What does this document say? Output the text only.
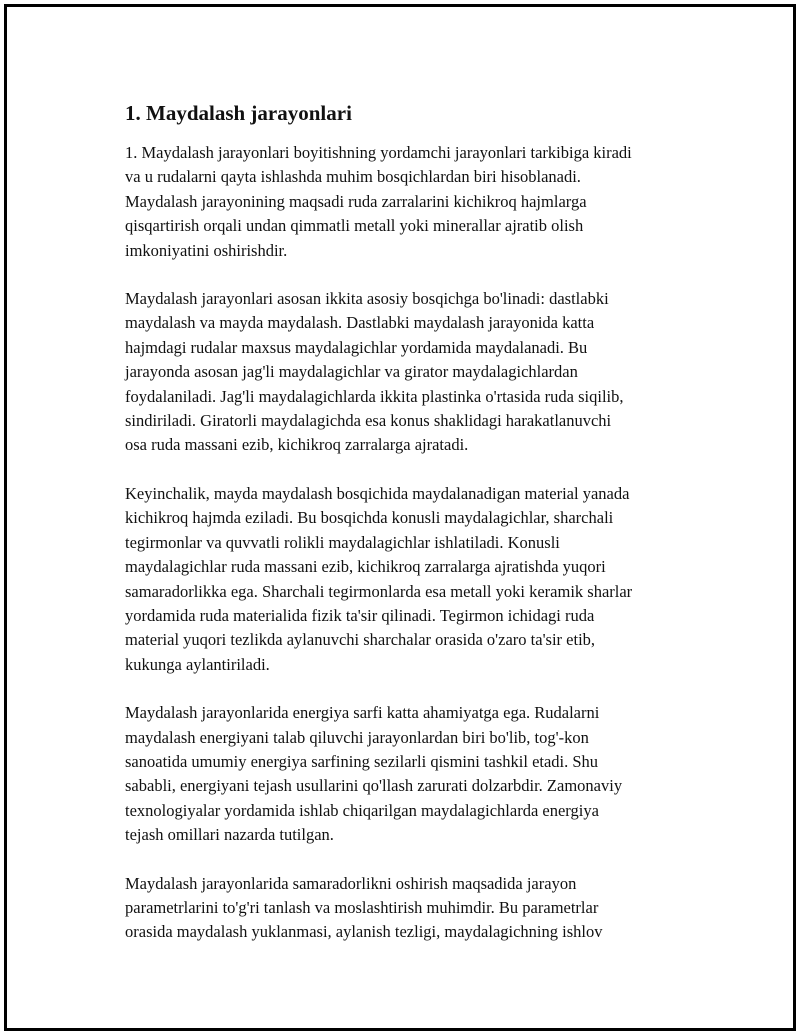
1. Maydalash jarayonlari

1. Maydalash jarayonlari boyitishning yordamchi jarayonlari tarkibiga kiradi
va u rudalarni qayta ishlashda muhim bosqichlardan biri hisoblanadi.
Maydalash jarayonining maqsadi ruda zarralarini kichikroq hajmlarga
qisqartirish orqali undan qimmatli metall yoki minerallar ajratib olish
imkoniyatini oshirishdir.

Maydalash jarayonlari asosan ikkita asosiy bosqichga bo'linadi: dastlabki
maydalash va mayda maydalash. Dastlabki maydalash jarayonida katta
hajmdagi rudalar maxsus maydalagichlar yordamida maydalanadi. Bu
jarayonda asosan jag'li maydalagichlar va girator maydalagichlardan
foydalaniladi. Jag'li maydalagichlarda ikkita plastinka o'rtasida ruda siqilib,
sindiriladi. Giratorli maydalagichda esa konus shaklidagi harakatlanuvchi
osa ruda massani ezib, kichikroq zarralarga ajratadi.

Keyinchalik, mayda maydalash bosqichida maydalanadigan material yanada
kichikroq hajmda eziladi. Bu bosqichda konusli maydalagichlar, sharchali
tegirmonlar va quvvatli rolikli maydalagichlar ishlatiladi. Konusli
maydalagichlar ruda massani ezib, kichikroq zarralarga ajratishda yuqori
samaradorlikka ega. Sharchali tegirmonlarda esa metall yoki keramik sharlar
yordamida ruda materialida fizik ta'sir qilinadi. Tegirmon ichidagi ruda
material yuqori tezlikda aylanuvchi sharchalar orasida o'zaro ta'sir etib,
kukunga aylantiriladi.

Maydalash jarayonlarida energiya sarfi katta ahamiyatga ega. Rudalarni
maydalash energiyani talab qiluvchi jarayonlardan biri bo'lib, tog'-kon
sanoatida umumiy energiya sarfining sezilarli qismini tashkil etadi. Shu
sababli, energiyani tejash usullarini qo'llash zarurati dolzarbdir. Zamonaviy
texnologiyalar yordamida ishlab chiqarilgan maydalagichlarda energiya
tejash omillari nazarda tutilgan.

Maydalash jarayonlarida samaradorlikni oshirish maqsadida jarayon
parametrlarini to'g'ri tanlash va moslashtirish muhimdir. Bu parametrlar
orasida maydalash yuklanmasi, aylanish tezligi, maydalagichning ishlov
